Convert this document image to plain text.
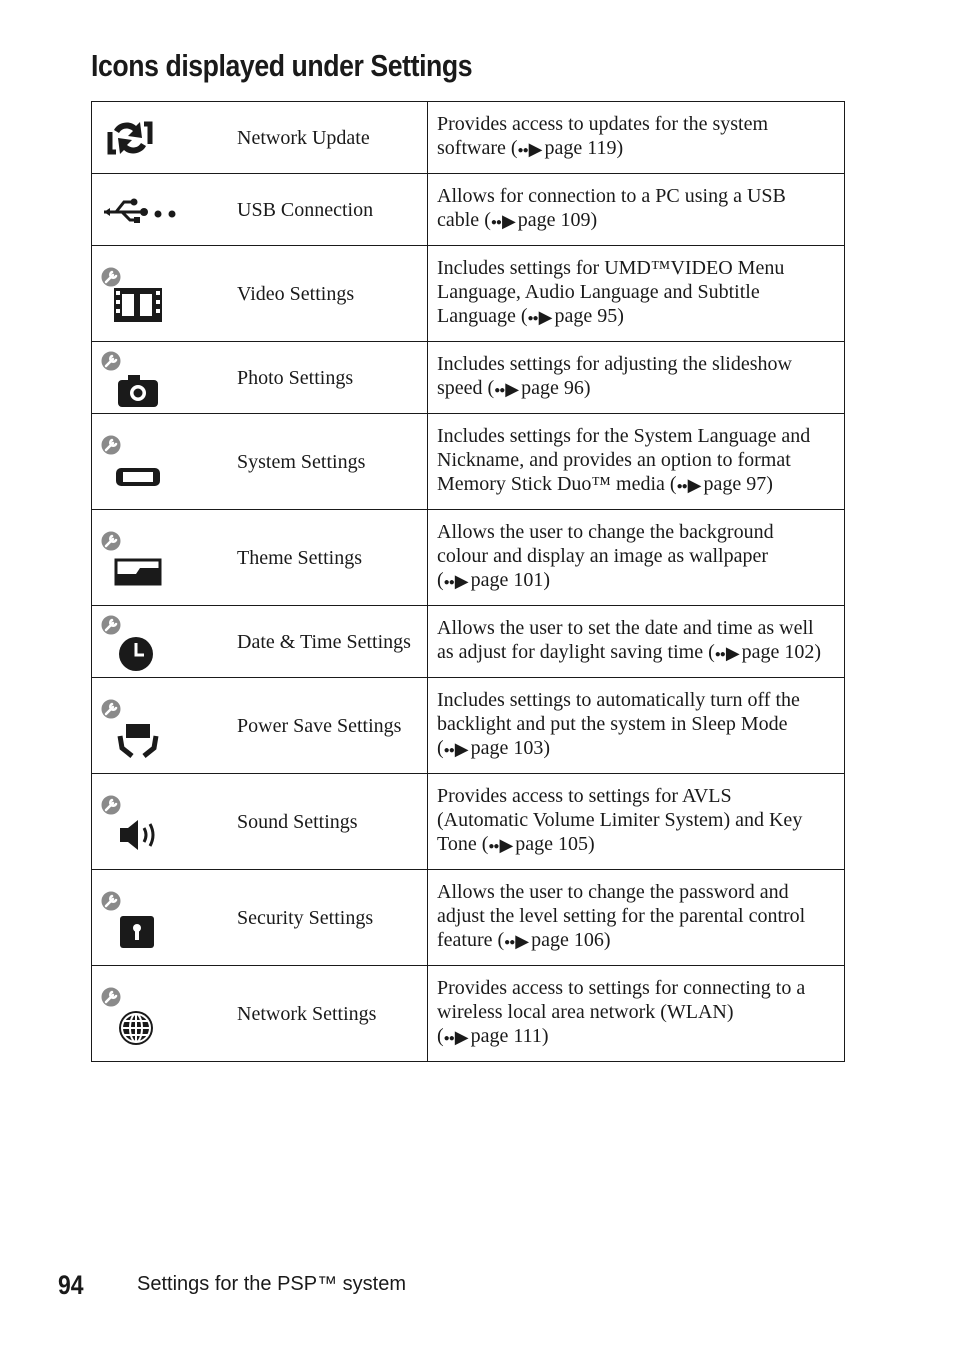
Icons displayed under Settings
Network Update	Provides access to updates for the system
software (●●▶ page 119)

USB Connection	Allows for connection to a PC using a USB
cable (●●▶ page 109)

Video Settings	Includes settings for UMD™VIDEO Menu
Language, Audio Language and Subtitle
Language (●●▶ page 95)

Photo Settings	Includes settings for adjusting the slideshow
speed (●●▶ page 96)

System Settings	Includes settings for the System Language and
Nickname, and provides an option to format
Memory Stick Duo™ media (●●▶ page 97)

Theme Settings	Allows the user to change the background
colour and display an image as wallpaper
(●●▶ page 101)

Date & Time Settings	Allows the user to set the date and time as well
as adjust for daylight saving time (●●▶ page 102)

Power Save Settings	Includes settings to automatically turn off the
backlight and put the system in Sleep Mode
(●●▶ page 103)

Sound Settings	Provides access to settings for AVLS
(Automatic Volume Limiter System) and Key
Tone (●●▶ page 105)

Security Settings	Allows the user to change the password and
adjust the level setting for the parental control
feature (●●▶ page 106)

Network Settings	Provides access to settings for connecting to a
wireless local area network (WLAN)
(●●▶ page 111)
94	Settings for the PSP™ system
